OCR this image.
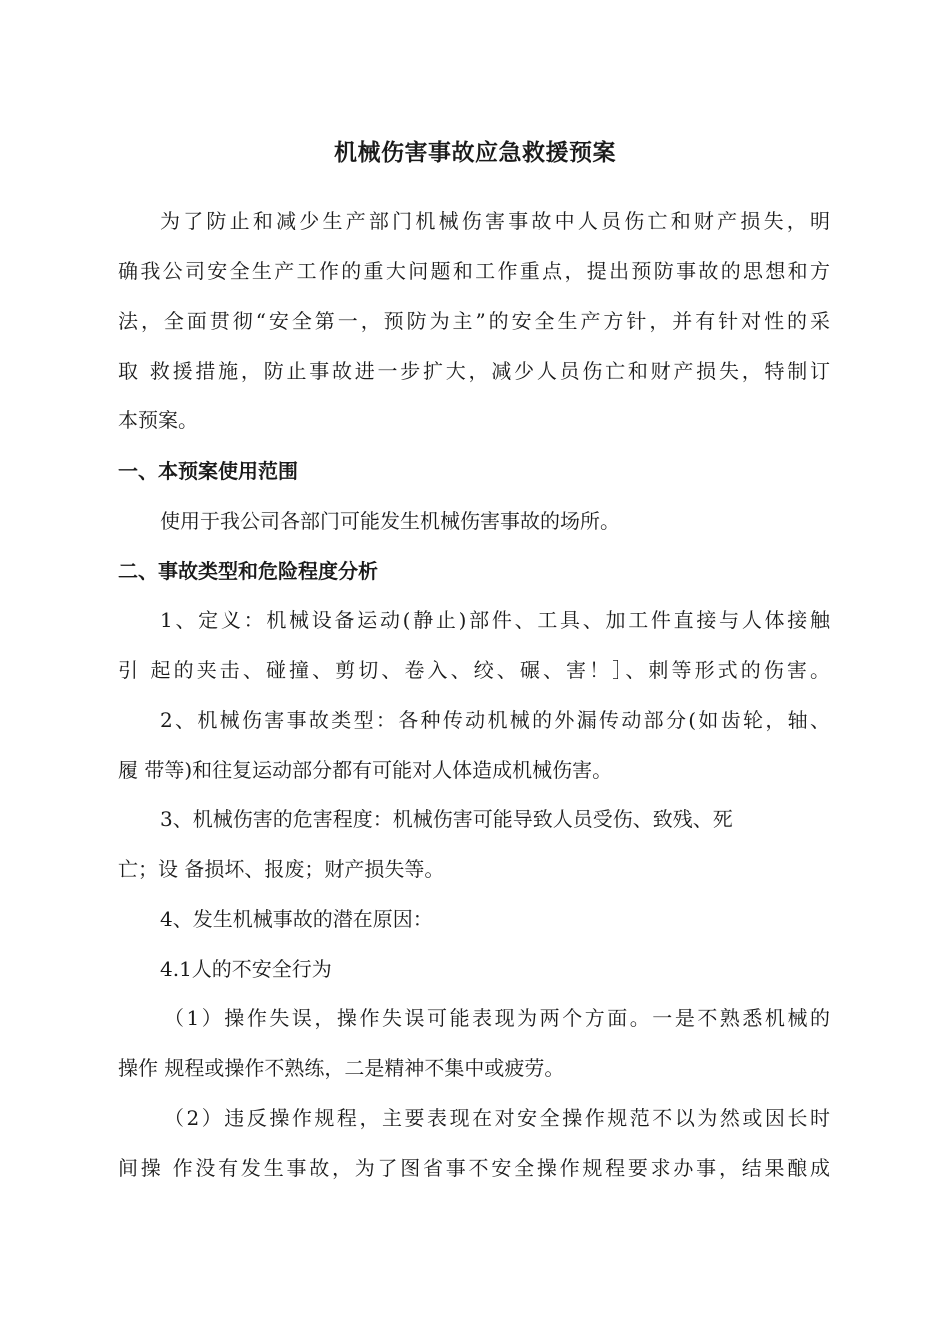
机械伤害事故应急救援预案
为了防止和减少生产部门机械伤害事故中人员伤亡和财产损失，明
确我公司安全生产工作的重大问题和工作重点，提出预防事故的思想和方
法，全面贯彻“安全第一，预防为主”的安全生产方针，并有针对性的采
取 救援措施，防止事故进一步扩大，减少人员伤亡和财产损失，特制订
本预案。
一、本预案使用范围
使用于我公司各部门可能发生机械伤害事故的场所。
二、事故类型和危险程度分析
1、定义：机械设备运动(静止)部件、工具、加工件直接与人体接触
引 起的夹击、碰撞、剪切、卷入、绞、碾、害！］、刺等形式的伤害。
2、机械伤害事故类型：各种传动机械的外漏传动部分(如齿轮，轴、
履 带等)和往复运动部分都有可能对人体造成机械伤害。
3、机械伤害的危害程度：机械伤害可能导致人员受伤、致残、死
亡；设 备损坏、报废；财产损失等。
4、发生机械事故的潜在原因：
4.1人的不安全行为
（1）操作失误，操作失误可能表现为两个方面。一是不熟悉机械的
操作 规程或操作不熟练，二是精神不集中或疲劳。
（2）违反操作规程，主要表现在对安全操作规范不以为然或因长时
间操 作没有发生事故，为了图省事不安全操作规程要求办事，结果酿成
